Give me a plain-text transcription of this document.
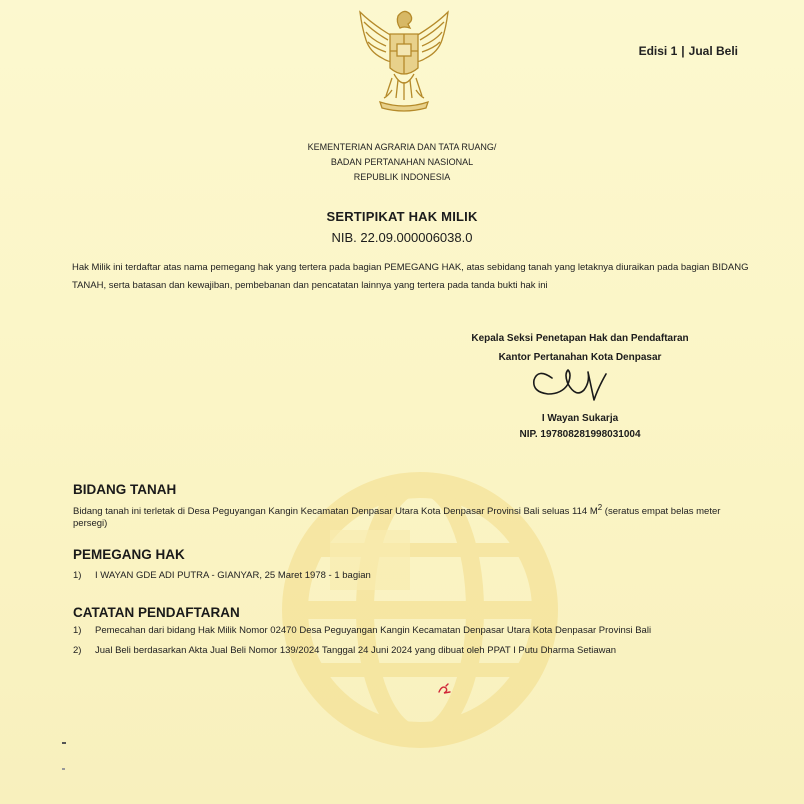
Edisi 1 | Jual Beli
KEMENTERIAN AGRARIA DAN TATA RUANG/
BADAN PERTANAHAN NASIONAL
REPUBLIK INDONESIA
SERTIPIKAT HAK MILIK
NIB. 22.09.000006038.0
Hak Milik ini terdaftar atas nama pemegang hak yang tertera pada bagian PEMEGANG HAK, atas sebidang tanah yang letaknya diuraikan pada bagian BIDANG TANAH, serta batasan dan kewajiban, pembebanan dan pencatatan lainnya yang tertera pada tanda bukti hak ini
Kepala Seksi Penetapan Hak dan Pendaftaran
Kantor Pertanahan Kota Denpasar
I Wayan Sukarja
NIP. 197808281998031004
BIDANG TANAH
Bidang tanah ini terletak di Desa Peguyangan Kangin Kecamatan Denpasar Utara Kota Denpasar Provinsi Bali seluas 114 $M^2$ (seratus empat belas meter persegi)
PEMEGANG HAK
1)	I WAYAN GDE ADI PUTRA - GIANYAR, 25 Maret 1978 - 1 bagian
CATATAN PENDAFTARAN
1)	Pemecahan dari bidang Hak Milik Nomor 02470 Desa Peguyangan Kangin Kecamatan Denpasar Utara Kota Denpasar Provinsi Bali
2)	Jual Beli berdasarkan Akta Jual Beli Nomor 139/2024 Tanggal 24 Juni 2024 yang dibuat oleh PPAT I Putu Dharma Setiawan
